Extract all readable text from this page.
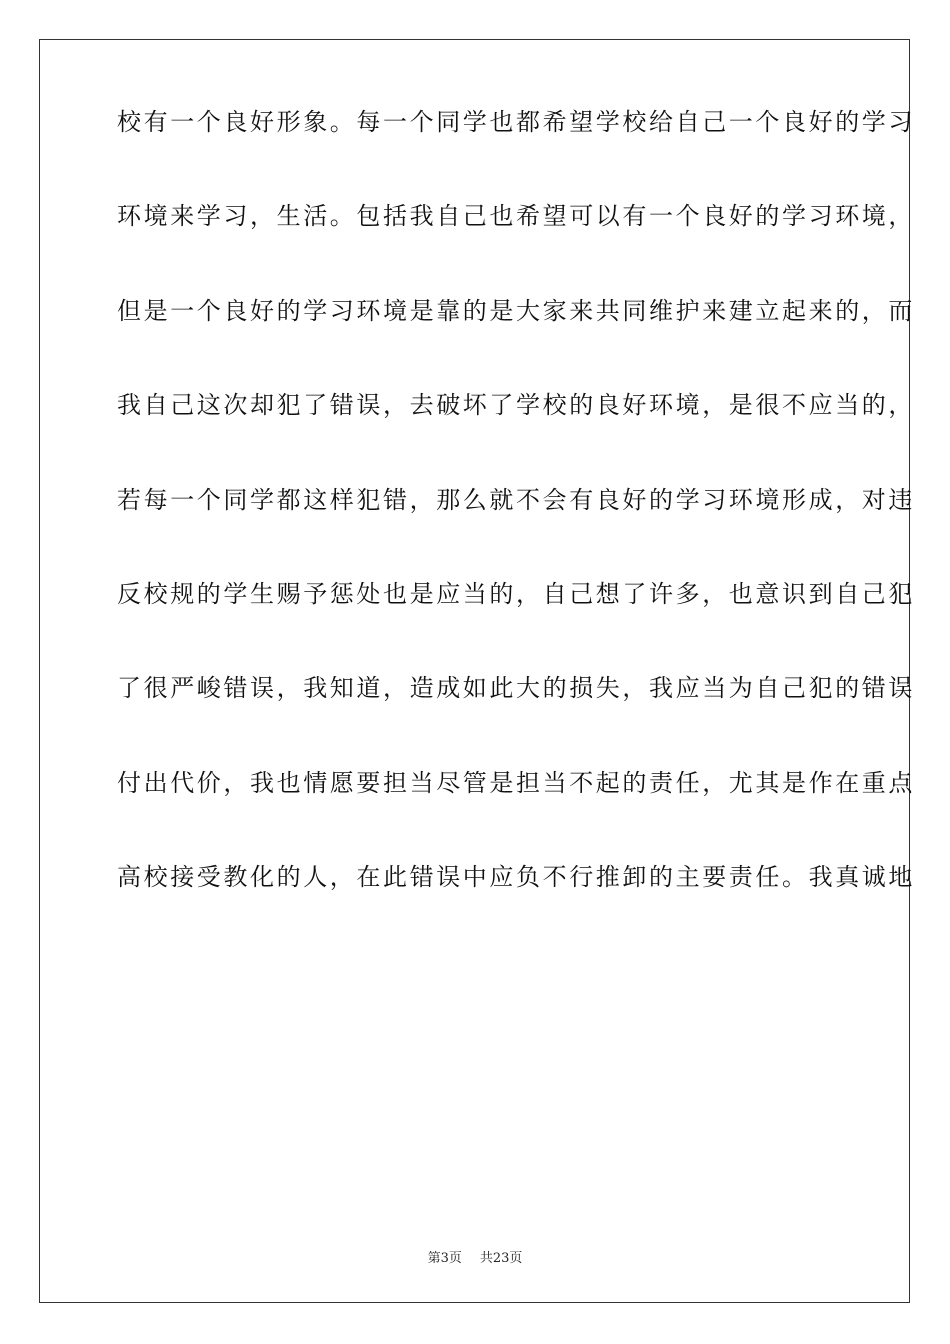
校有一个良好形象。每一个同学也都希望学校给自己一个良好的学习
环境来学习，生活。包括我自己也希望可以有一个良好的学习环境，
但是一个良好的学习环境是靠的是大家来共同维护来建立起来的，而
我自己这次却犯了错误，去破坏了学校的良好环境，是很不应当的，
若每一个同学都这样犯错，那么就不会有良好的学习环境形成，对违
反校规的学生赐予惩处也是应当的，自己想了许多，也意识到自己犯
了很严峻错误，我知道，造成如此大的损失，我应当为自己犯的错误
付出代价，我也情愿要担当尽管是担当不起的责任，尤其是作在重点
高校接受教化的人，在此错误中应负不行推卸的主要责任。我真诚地
第3页 共23页
